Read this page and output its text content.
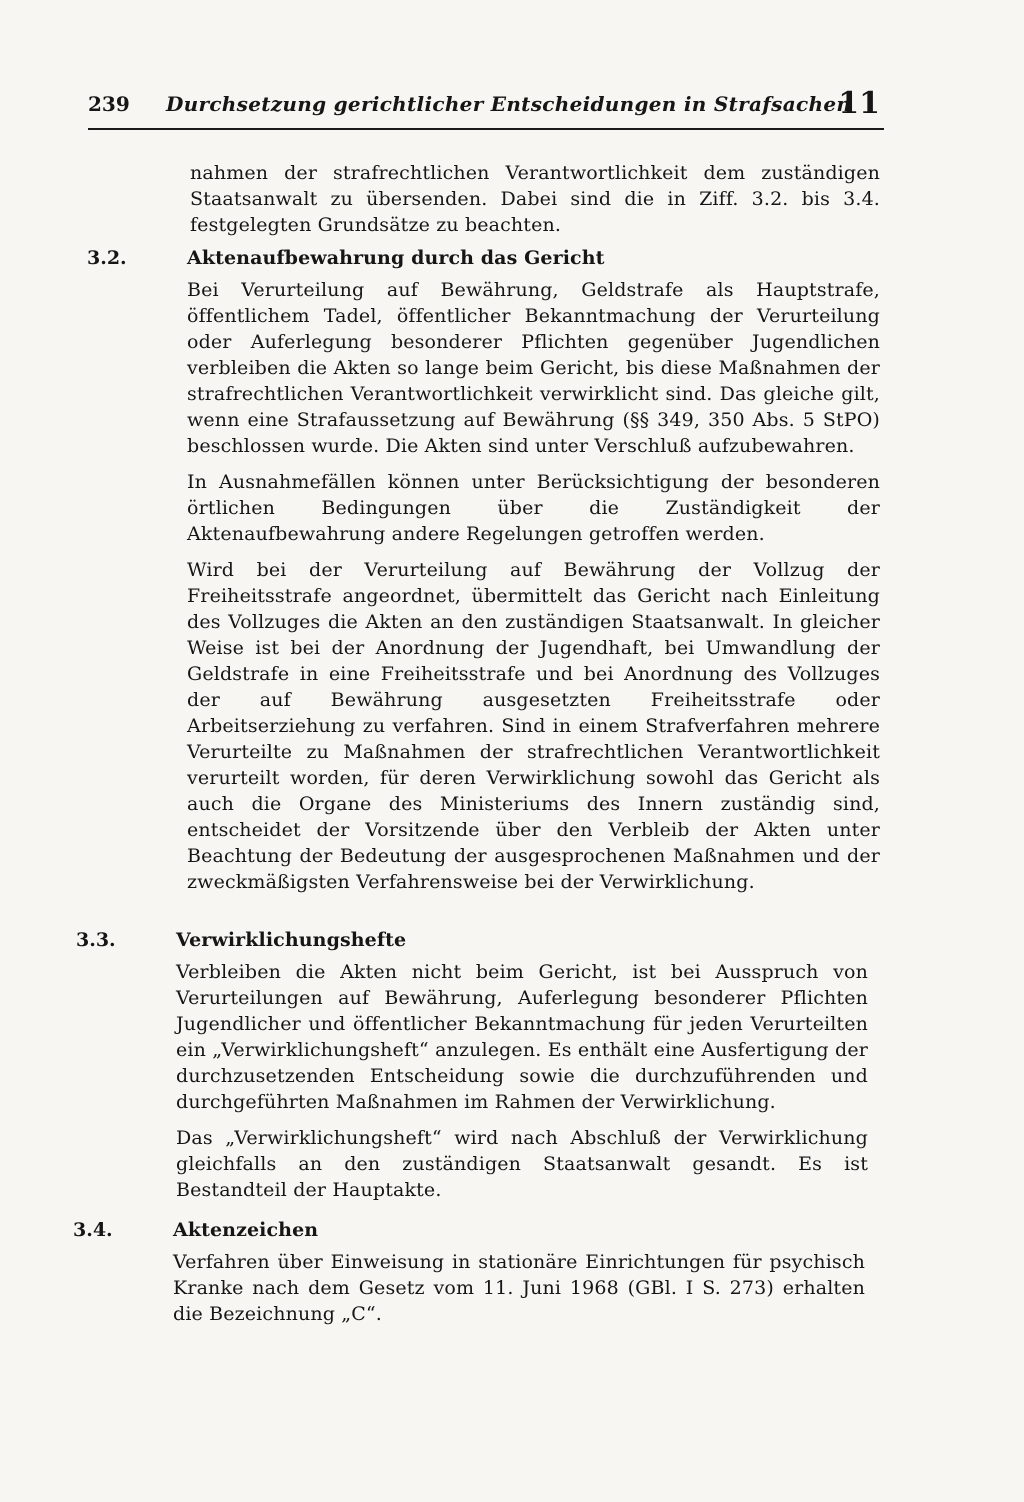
239 Durchsetzung gerichtlicher Entscheidungen in Strafsachen
11

nahmen der strafrechtlichen Verantwortlichkeit dem zuständigen Staatsanwalt zu übersenden. Dabei sind die in Ziff. 3.2. bis 3.4. festgelegten Grundsätze zu beachten.

3.2.	Aktenaufbewahrung durch das Gericht

Bei Verurteilung auf Bewährung, Geldstrafe als Hauptstrafe, öffentlichem Tadel, öffentlicher Bekanntmachung der Verurteilung oder Auferlegung besonderer Pflichten gegenüber Jugendlichen verbleiben die Akten so lange beim Gericht, bis diese Maßnahmen der strafrechtlichen Verantwortlichkeit verwirklicht sind. Das gleiche gilt, wenn eine Strafaussetzung auf Bewährung (§§ 349, 350 Abs. 5 StPO) beschlossen wurde. Die Akten sind unter Verschluß aufzubewahren.

In Ausnahmefällen können unter Berücksichtigung der besonderen örtlichen Bedingungen über die Zuständigkeit der Aktenaufbewahrung andere Regelungen getroffen werden.

Wird bei der Verurteilung auf Bewährung der Vollzug der Freiheitsstrafe angeordnet, übermittelt das Gericht nach Einleitung des Vollzuges die Akten an den zuständigen Staatsanwalt. In gleicher Weise ist bei der Anordnung der Jugendhaft, bei Umwandlung der Geldstrafe in eine Freiheitsstrafe und bei Anordnung des Vollzuges der auf Bewährung ausgesetzten Freiheitsstrafe oder Arbeitserziehung zu verfahren. Sind in einem Strafverfahren mehrere Verurteilte zu Maßnahmen der strafrechtlichen Verantwortlichkeit verurteilt worden, für deren Verwirklichung sowohl das Gericht als auch die Organe des Ministeriums des Innern zuständig sind, entscheidet der Vorsitzende über den Verbleib der Akten unter Beachtung der Bedeutung der ausgesprochenen Maßnahmen und der zweckmäßigsten Verfahrensweise bei der Verwirklichung.

3.3.	Verwirklichungshefte

Verbleiben die Akten nicht beim Gericht, ist bei Ausspruch von Verurteilungen auf Bewährung, Auferlegung besonderer Pflichten Jugendlicher und öffentlicher Bekanntmachung für jeden Verurteilten ein „Verwirklichungsheft“ anzulegen. Es enthält eine Ausfertigung der durchzusetzenden Entscheidung sowie die durchzuführenden und durchgeführten Maßnahmen im Rahmen der Verwirklichung.

Das „Verwirklichungsheft“ wird nach Abschluß der Verwirklichung gleichfalls an den zuständigen Staatsanwalt gesandt. Es ist Bestandteil der Hauptakte.

3.4.	Aktenzeichen

Verfahren über Einweisung in stationäre Einrichtungen für psychisch Kranke nach dem Gesetz vom 11. Juni 1968 (GBl. I S. 273) erhalten die Bezeichnung „C“.
